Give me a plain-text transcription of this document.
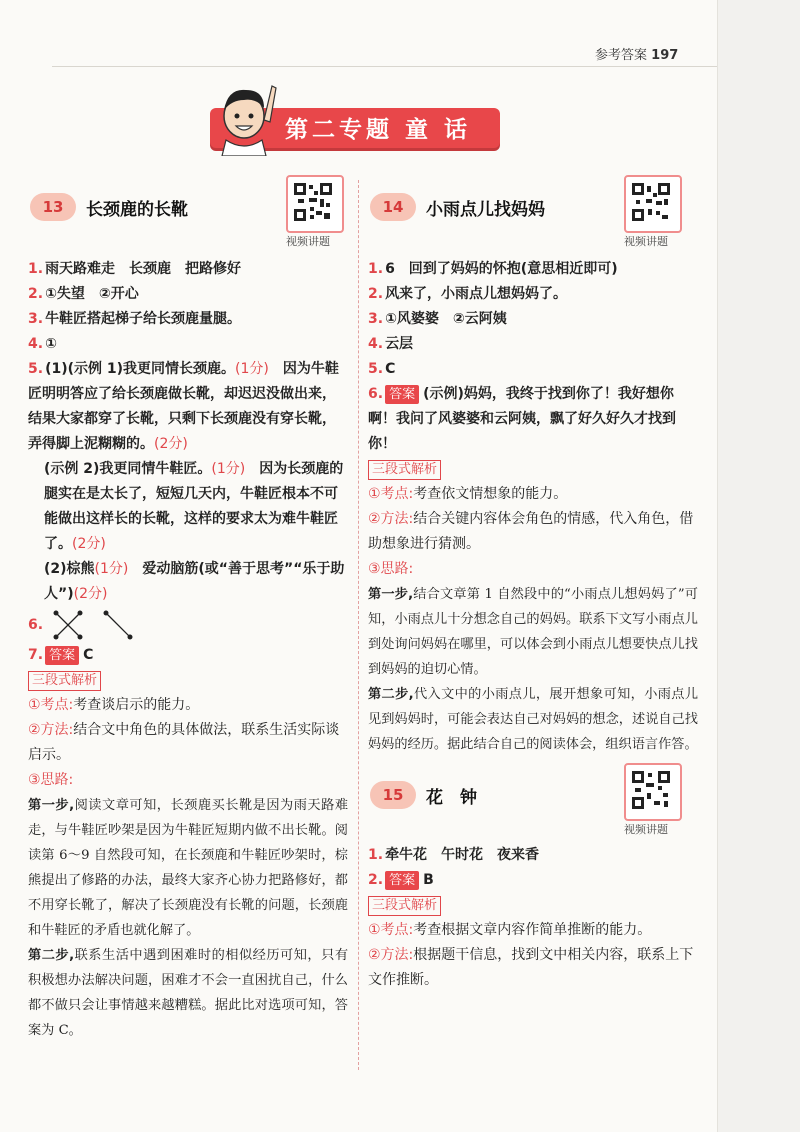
参考答案 197
第二专题 童 话
13	长颈鹿的长靴
视频讲题

1. 雨天路难走　长颈鹿　把路修好

2. ①失望　②开心

3. 牛鞋匠搭起梯子给长颈鹿量腿。

4. ①

5. (1)(示例 1)我更同情长颈鹿。(1分)　 因为牛鞋匠明明答应了给长颈鹿做长靴，却迟迟没做出来，结果大家都穿了长靴，只剩下长颈鹿没有穿长靴，弄得脚上泥糊糊的。(2分)

(示例 2)我更同情牛鞋匠。(1分)　 因为长颈鹿的腿实在是太长了，短短几天内，牛鞋匠根本不可能做出这样长的长靴，这样的要求太为难牛鞋匠了。(2分)

(2)棕熊(1分)　 爱动脑筋(或“善于思考”“乐于助人”)(2分)

6.

7. 答案 C

三段式解析

①考点:考查谈启示的能力。

②方法:结合文中角色的具体做法，联系生活实际谈启示。

③思路:

第一步,阅读文章可知，长颈鹿买长靴是因为雨天路难走，与牛鞋匠吵架是因为牛鞋匠短期内做不出长靴。阅读第 6～9 自然段可知，在长颈鹿和牛鞋匠吵架时，棕熊提出了修路的办法，最终大家齐心协力把路修好，都不用穿长靴了，解决了长颈鹿没有长靴的问题，长颈鹿和牛鞋匠的矛盾也就化解了。

第二步,联系生活中遇到困难时的相似经历可知，只有积极想办法解决问题，困难才不会一直困扰自己，什么都不做只会让事情越来越糟糕。据此比对选项可知，答案为 C。

14	小雨点儿找妈妈
视频讲题

1. 6　回到了妈妈的怀抱(意思相近即可)

2. 风来了，小雨点儿想妈妈了。

3. ①风婆婆　②云阿姨

4. 云层

5. C

6. 答案 (示例)妈妈，我终于找到你了！我好想你啊！我问了风婆婆和云阿姨，飘了好久好久才找到你！

三段式解析

①考点:考查依文情想象的能力。

②方法:结合关键内容体会角色的情感，代入角色，借助想象进行猜测。

③思路:

第一步,结合文章第 1 自然段中的“小雨点儿想妈妈了”可知，小雨点儿十分想念自己的妈妈。联系下文写小雨点儿到处询问妈妈在哪里，可以体会到小雨点儿想要快点儿找到妈妈的迫切心情。

第二步,代入文中的小雨点儿，展开想象可知，小雨点儿见到妈妈时，可能会表达自己对妈妈的想念，述说自己找妈妈的经历。据此结合自己的阅读体会，组织语言作答。

15	花　钟
视频讲题

1. 牵牛花　午时花　夜来香

2. 答案 B

三段式解析

①考点:考查根据文章内容作简单推断的能力。

②方法:根据题干信息，找到文中相关内容，联系上下文作推断。
